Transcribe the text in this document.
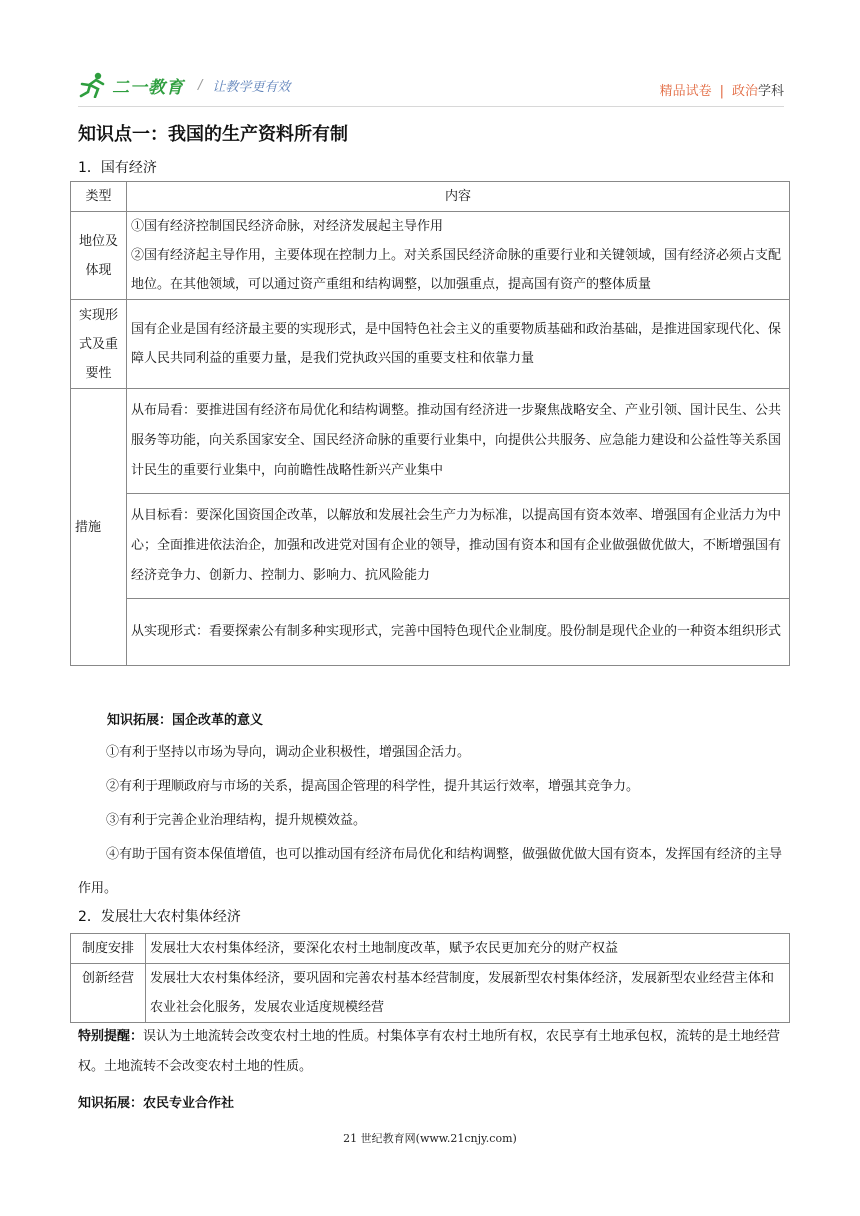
二一教育 / 让教学更有效	精品试卷 | 政治学科
知识点一：我国的生产资料所有制
1．国有经济
类型	内容
地位及体现	①国有经济控制国民经济命脉，对经济发展起主导作用
②国有经济起主导作用，主要体现在控制力上。对关系国民经济命脉的重要行业和关键领域，国有经济必须占支配地位。在其他领域，可以通过资产重组和结构调整，以加强重点，提高国有资产的整体质量

实现形式及重要性	国有企业是国有经济最主要的实现形式，是中国特色社会主义的重要物质基础和政治基础，是推进国家现代化、保障人民共同利益的重要力量，是我们党执政兴国的重要支柱和依靠力量
措施	从布局看：要推进国有经济布局优化和结构调整。推动国有经济进一步聚焦战略安全、产业引领、国计民生、公共服务等功能，向关系国家安全、国民经济命脉的重要行业集中，向提供公共服务、应急能力建设和公益性等关系国计民生的重要行业集中，向前瞻性战略性新兴产业集中
	从目标看：要深化国资国企改革，以解放和发展社会生产力为标准，以提高国有资本效率、增强国有企业活力为中心；全面推进依法治企，加强和改进党对国有企业的领导，推动国有资本和国有企业做强做优做大，不断增强国有经济竞争力、创新力、控制力、影响力、抗风险能力
	从实现形式：看要探索公有制多种实现形式，完善中国特色现代企业制度。股份制是现代企业的一种资本组织形式
知识拓展：国企改革的意义
①有利于坚持以市场为导向，调动企业积极性，增强国企活力。
②有利于理顺政府与市场的关系，提高国企管理的科学性，提升其运行效率，增强其竞争力。
③有利于完善企业治理结构，提升规模效益。
④有助于国有资本保值增值，也可以推动国有经济布局优化和结构调整，做强做优做大国有资本，发挥国有经济的主导作用。
2．发展壮大农村集体经济
制度安排	发展壮大农村集体经济，要深化农村土地制度改革，赋予农民更加充分的财产权益
创新经营	发展壮大农村集体经济，要巩固和完善农村基本经营制度，发展新型农村集体经济，发展新型农业经营主体和农业社会化服务，发展农业适度规模经营
特别提醒：误认为土地流转会改变农村土地的性质。村集体享有农村土地所有权，农民享有土地承包权，流转的是土地经营权。土地流转不会改变农村土地的性质。
知识拓展：农民专业合作社
21 世纪教育网(www.21cnjy.com)
